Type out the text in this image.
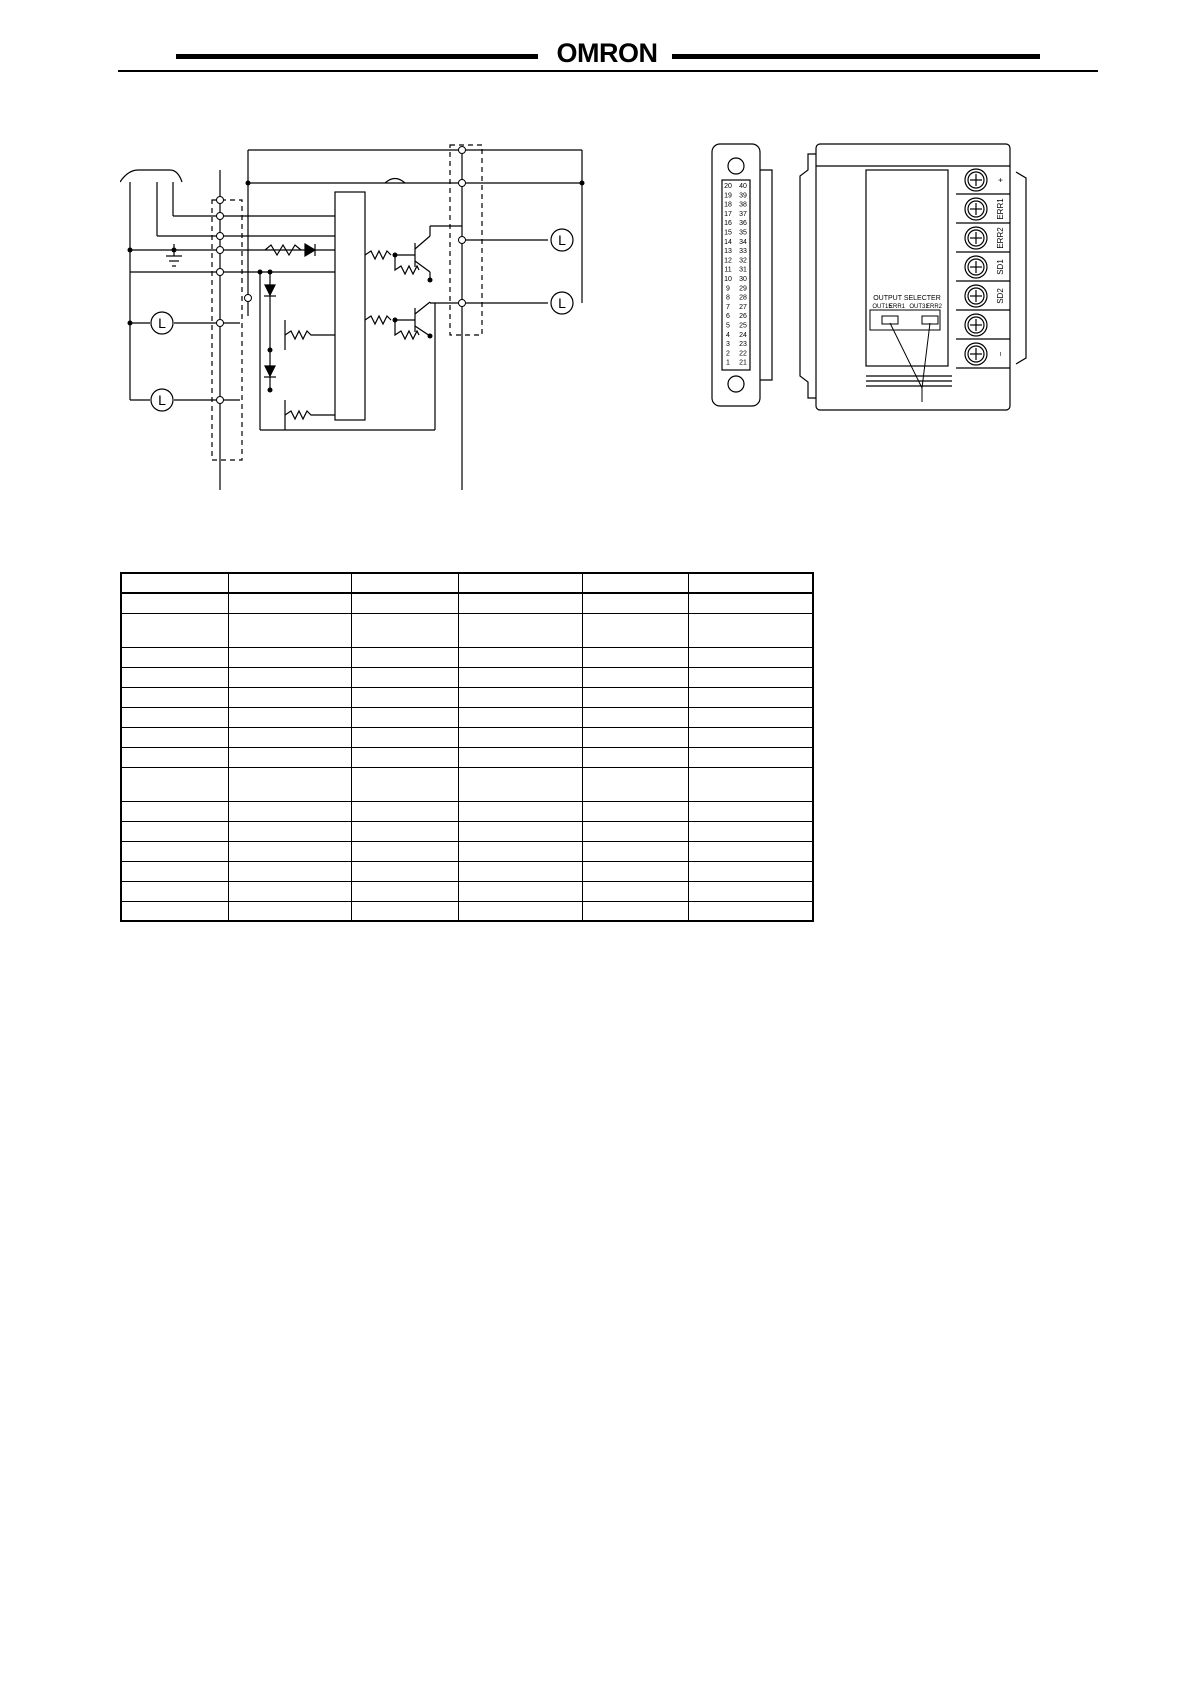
OMRON
L
L
L
L
OUTPUT SELECTER
OUT15
ERR1 OUT31
ERR2
20 40
19 39
18 38
17 37
16 36
15 35
14 34
13 33
12 32
11 31
10 30
9 29
8 28
7 27
6 26
5 25
4 24
3 23
2 22
1 21
+
ERR1
ERR2
SD1
SD2
−
